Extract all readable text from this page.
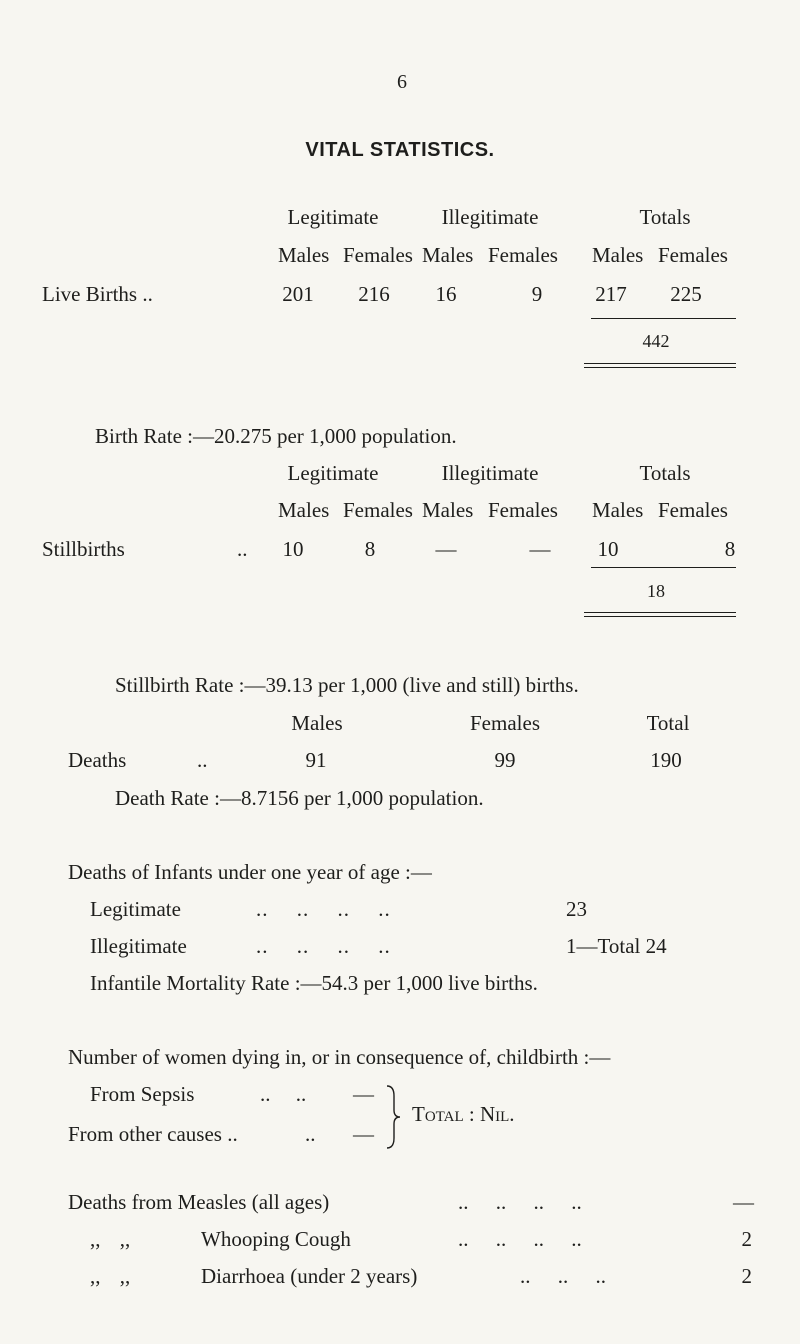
6
VITAL STATISTICS.
Legitimate	Illegitimate	Totals
Males Females Males Females Males Females
Live Births ..	201 216 16	9	217 225
442
Birth Rate :—20.275 per 1,000 population.
Legitimate	Illegitimate	Totals
Males Females Males Females Males Females
Stillbirths	.. 10	8	—	— 10	8
18
Stillbirth Rate :—39.13 per 1,000 (live and still) births.
Males	Females	Total
Deaths	..	91	99	190
Death Rate :—8.7156 per 1,000 population.
Deaths of Infants under one year of age :—
Legitimate	.. .. .. ..	23
Illegitimate	.. .. .. ..	1—Total 24
Infantile Mortality Rate :—54.3 per 1,000 live births.
Number of women dying in, or in consequence of, childbirth :—
From Sepsis	.. .. —
From other causes ..	.. —
Total : Nil.
Deaths from Measles (all ages)	.. .. .. ..	—
,, ,,	Whooping Cough	.. .. .. ..	2
,, ,,	Diarrhoea (under 2 years)	.. .. ..	2
